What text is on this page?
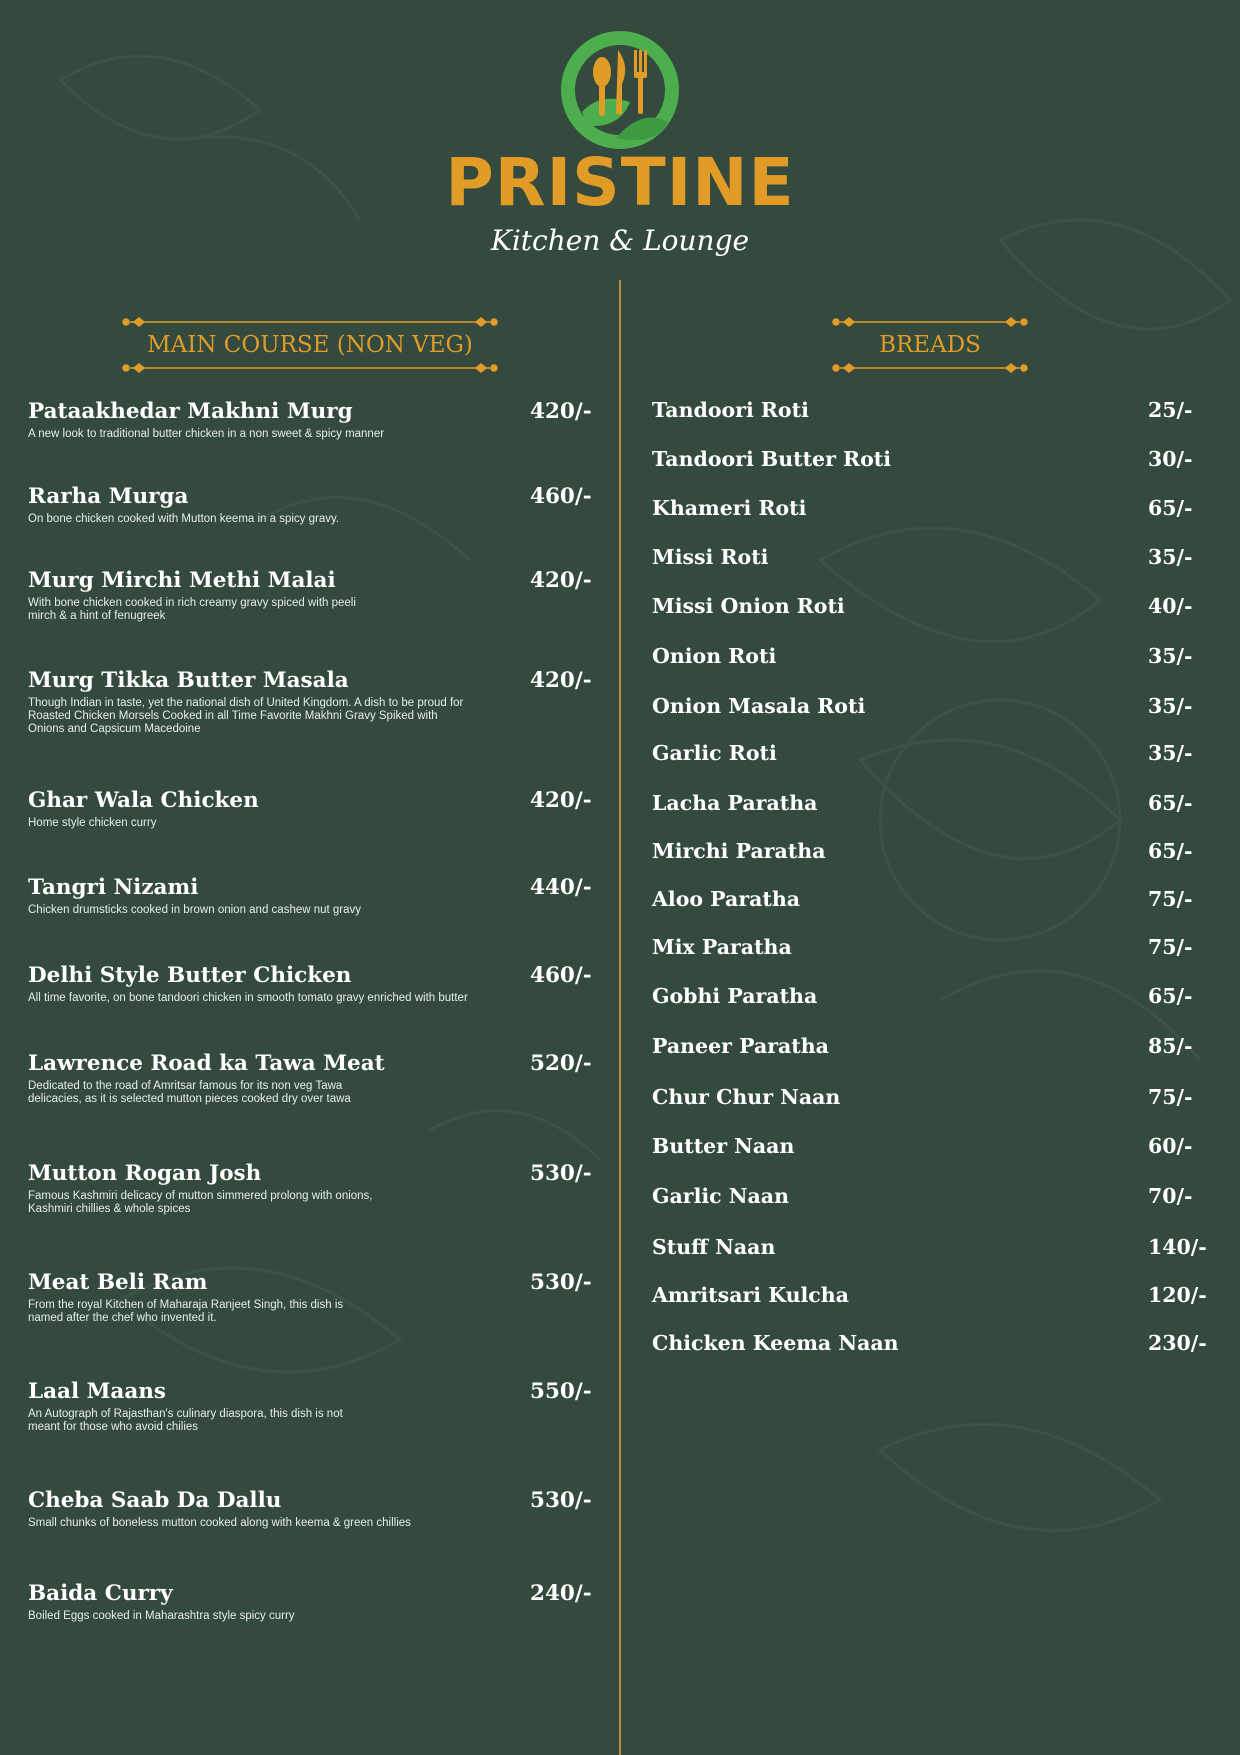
PRISTINE
Kitchen & Lounge
MAIN COURSE (NON VEG)	BREADS
Pataakhedar Makhni Murg	420/-
A new look to traditional butter chicken in a non sweet & spicy manner
Rarha Murga	460/-
On bone chicken cooked with Mutton keema in a spicy gravy.
Murg Mirchi Methi Malai	420/-
With bone chicken cooked in rich creamy gravy spiced with peeli
mirch & a hint of fenugreek
Murg Tikka Butter Masala	420/-
Though Indian in taste, yet the national dish of United Kingdom. A dish to be proud for
Roasted Chicken Morsels Cooked in all Time Favorite Makhni Gravy Spiked with
Onions and Capsicum Macedoine
Ghar Wala Chicken	420/-
Home style chicken curry
Tangri Nizami	440/-
Chicken drumsticks cooked in brown onion and cashew nut gravy
Delhi Style Butter Chicken	460/-
All time favorite, on bone tandoori chicken in smooth tomato gravy enriched with butter
Lawrence Road ka Tawa Meat	520/-
Dedicated to the road of Amritsar famous for its non veg Tawa
delicacies, as it is selected mutton pieces cooked dry over tawa
Mutton Rogan Josh	530/-
Famous Kashmiri delicacy of mutton simmered prolong with onions,
Kashmiri chillies & whole spices
Meat Beli Ram	530/-
From the royal Kitchen of Maharaja Ranjeet Singh, this dish is
named after the chef who invented it.
Laal Maans	550/-
An Autograph of Rajasthan's culinary diaspora, this dish is not
meant for those who avoid chilies
Cheba Saab Da Dallu	530/-
Small chunks of boneless mutton cooked along with keema & green chillies
Baida Curry	240/-
Boiled Eggs cooked in Maharashtra style spicy curry
Tandoori Roti	25/-
Tandoori Butter Roti	30/-
Khameri Roti	65/-
Missi Roti	35/-
Missi Onion Roti	40/-
Onion Roti	35/-
Onion Masala Roti	35/-
Garlic Roti	35/-
Lacha Paratha	65/-
Mirchi Paratha	65/-
Aloo Paratha	75/-
Mix Paratha	75/-
Gobhi Paratha	65/-
Paneer Paratha	85/-
Chur Chur Naan	75/-
Butter Naan	60/-
Garlic Naan	70/-
Stuff Naan	140/-
Amritsari Kulcha	120/-
Chicken Keema Naan	230/-
